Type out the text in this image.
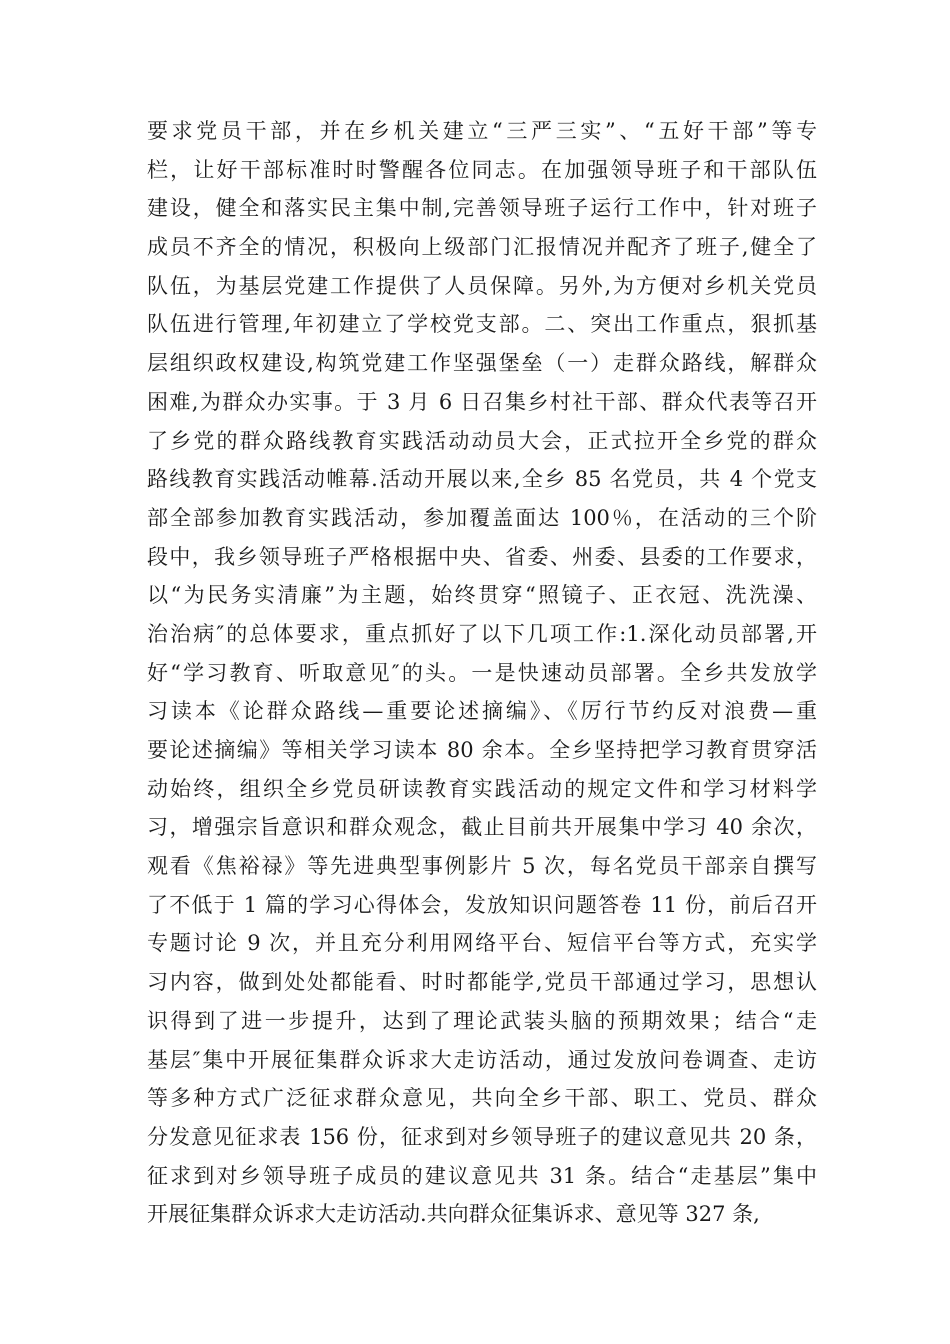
要求党员干部，并在乡机关建立“三严三实”、“五好干部”等专
栏，让好干部标准时时警醒各位同志。在加强领导班子和干部队伍
建设，健全和落实民主集中制,完善领导班子运行工作中，针对班子
成员不齐全的情况，积极向上级部门汇报情况并配齐了班子,健全了
队伍，为基层党建工作提供了人员保障。另外,为方便对乡机关党员
队伍进行管理,年初建立了学校党支部。二、突出工作重点，狠抓基
层组织政权建设,构筑党建工作坚强堡垒（一）走群众路线，解群众
困难,为群众办实事。于 3 月 6 日召集乡村社干部、群众代表等召开
了乡党的群众路线教育实践活动动员大会，正式拉开全乡党的群众
路线教育实践活动帷幕.活动开展以来,全乡 85 名党员，共 4 个党支
部全部参加教育实践活动，参加覆盖面达 100％，在活动的三个阶
段中，我乡领导班子严格根据中央、省委、州委、县委的工作要求，
以“为民务实清廉”为主题，始终贯穿“照镜子、正衣冠、洗洗澡、
治治病″的总体要求，重点抓好了以下几项工作:1.深化动员部署,开
好“学习教育、听取意见″的头。一是快速动员部署。全乡共发放学
习读本《论群众路线—重要论述摘编》、《厉行节约反对浪费—重
要论述摘编》等相关学习读本 80 余本。全乡坚持把学习教育贯穿活
动始终，组织全乡党员研读教育实践活动的规定文件和学习材料学
习，增强宗旨意识和群众观念，截止目前共开展集中学习 40 余次，
观看《焦裕禄》等先进典型事例影片 5 次，每名党员干部亲自撰写
了不低于 1 篇的学习心得体会，发放知识问题答卷 11 份，前后召开
专题讨论 9 次，并且充分利用网络平台、短信平台等方式，充实学
习内容，做到处处都能看、时时都能学,党员干部通过学习，思想认
识得到了进一步提升，达到了理论武装头脑的预期效果；结合“走
基层″集中开展征集群众诉求大走访活动，通过发放问卷调查、走访
等多种方式广泛征求群众意见，共向全乡干部、职工、党员、群众
分发意见征求表 156 份，征求到对乡领导班子的建议意见共 20 条，
征求到对乡领导班子成员的建议意见共 31 条。结合“走基层”集中
开展征集群众诉求大走访活动.共向群众征集诉求、意见等 327 条,
